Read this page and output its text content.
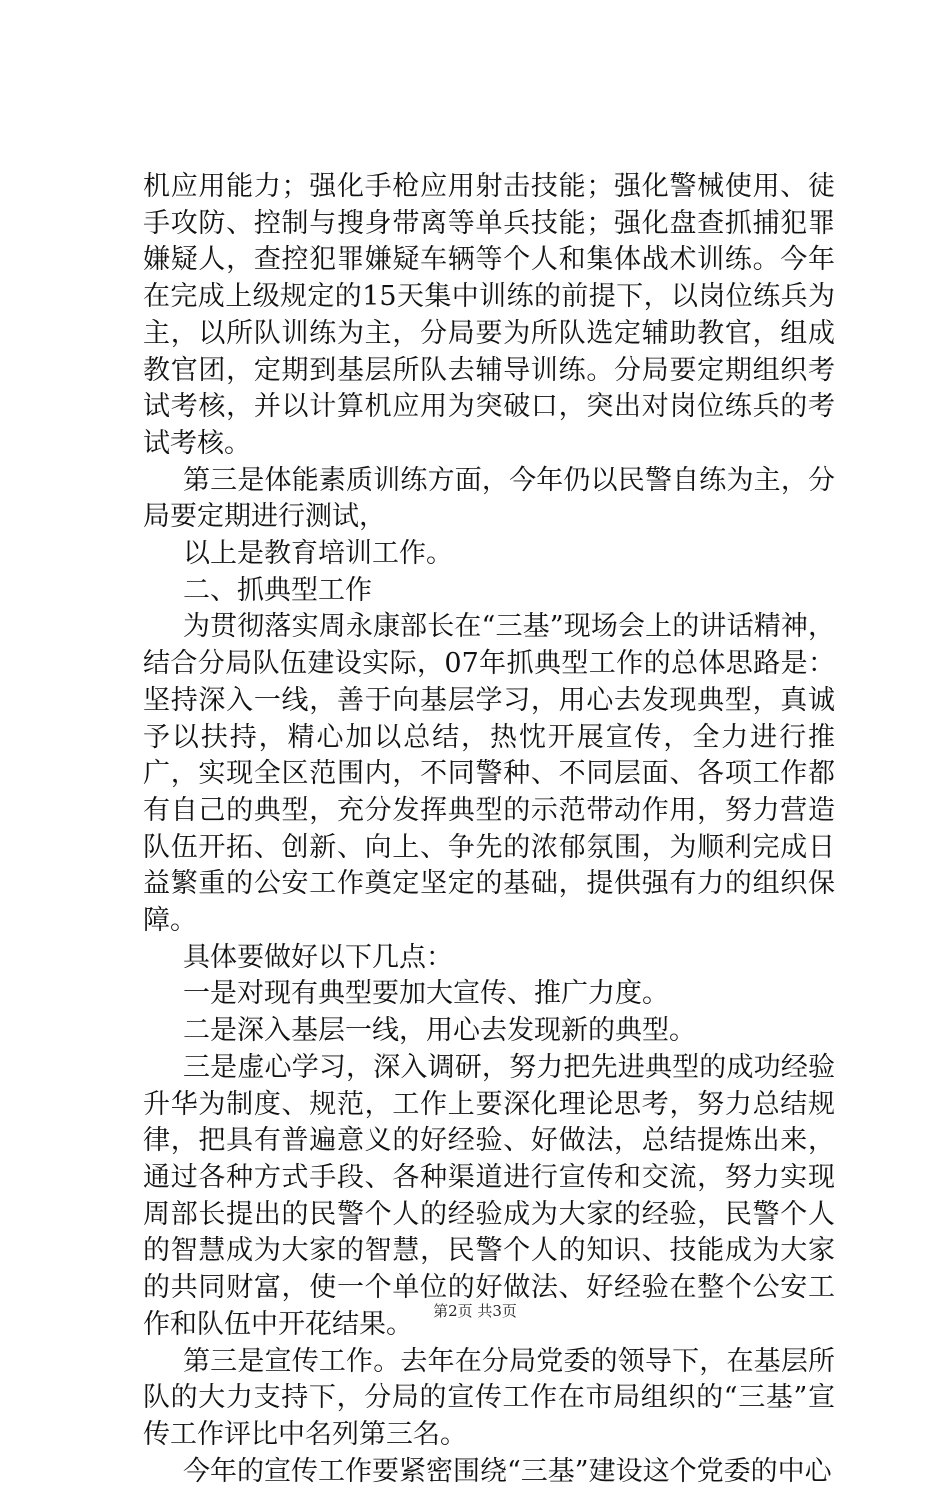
机应用能力；强化手枪应用射击技能；强化警械使用、徒手攻防、控制与搜身带离等单兵技能；强化盘查抓捕犯罪嫌疑人，查控犯罪嫌疑车辆等个人和集体战术训练。今年在完成上级规定的15天集中训练的前提下，以岗位练兵为主，以所队训练为主，分局要为所队选定辅助教官，组成教官团，定期到基层所队去辅导训练。分局要定期组织考试考核，并以计算机应用为突破口，突出对岗位练兵的考试考核。

第三是体能素质训练方面，今年仍以民警自练为主，分局要定期进行测试，

以上是教育培训工作。

二、抓典型工作

为贯彻落实周永康部长在“三基”现场会上的讲话精神，结合分局队伍建设实际，07年抓典型工作的总体思路是：坚持深入一线，善于向基层学习，用心去发现典型，真诚予以扶持，精心加以总结，热忱开展宣传，全力进行推广，实现全区范围内，不同警种、不同层面、各项工作都有自己的典型，充分发挥典型的示范带动作用，努力营造队伍开拓、创新、向上、争先的浓郁氛围，为顺利完成日益繁重的公安工作奠定坚定的基础，提供强有力的组织保障。

具体要做好以下几点：

一是对现有典型要加大宣传、推广力度。

二是深入基层一线，用心去发现新的典型。

三是虚心学习，深入调研，努力把先进典型的成功经验升华为制度、规范，工作上要深化理论思考，努力总结规律，把具有普遍意义的好经验、好做法，总结提炼出来，通过各种方式手段、各种渠道进行宣传和交流，努力实现周部长提出的民警个人的经验成为大家的经验，民警个人的智慧成为大家的智慧，民警个人的知识、技能成为大家的共同财富，使一个单位的好做法、好经验在整个公安工作和队伍中开花结果。

第三是宣传工作。去年在分局党委的领导下，在基层所队的大力支持下，分局的宣传工作在市局组织的“三基”宣传工作评比中名列第三名。

今年的宣传工作要紧密围绕“三基”建设这个党委的中心

第2页 共3页
